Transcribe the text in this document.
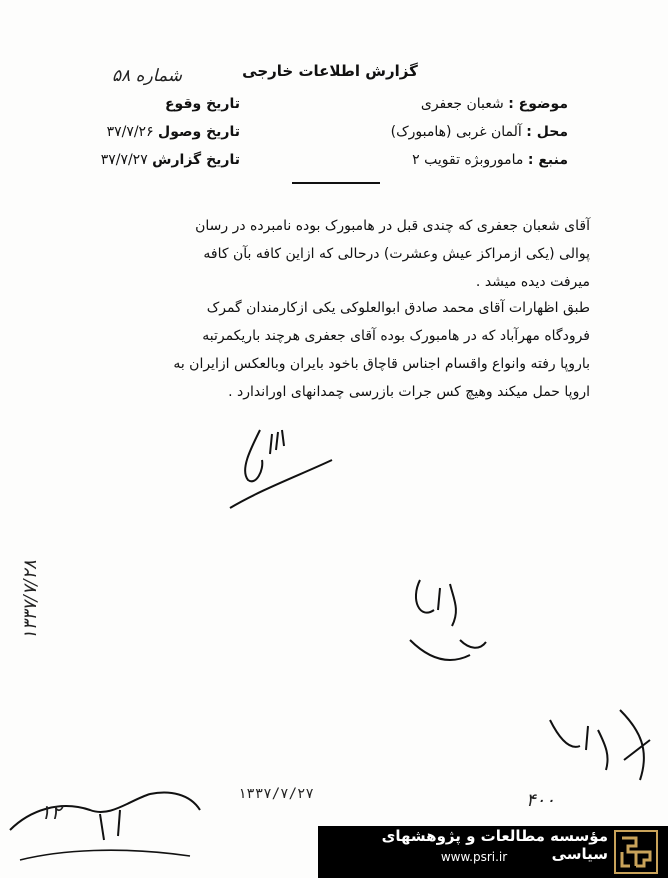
گزارش اطلاعات خارجی
شماره ۵۸
موضوع : شعبان جعفری
محل : آلمان غربی (هامبورک)
منبع : ماموروبژه تقویب ۲
تاریخ وقوع
تاریخ وصول ۳۷/۷/۲۶
تاریخ گزارش ۳۷/۷/۲۷
آقای شعبان جعفری که چندی قبل در هامبورک بوده نامبرده در رسان
پوالی (یکی ازمراکز عیش وعشرت) درحالی که ازاین کافه بآن کافه
میرفت دیده میشد .
طبق اظهارات آقای محمد صادق ابوالعلوکی یکی ازکارمندان گمرک
فرودگاه مهرآباد که در هامبورک بوده آقای جعفری هرچند باریکمرتبه
باروپا رفته وانواع واقسام اجناس قاچاق باخود بایران وبالعکس ازایران به
اروپا حمل میکند وهیچ کس جرات بازرسی چمدانهای اوراندارد .
۱۳۳۷/۷/۲۸
۴۰۰
۱۲
۱۳۳۷/۷/۲۷
مؤسسه مطالعات و پژوهشهای سیاسی
www.psri.ir
